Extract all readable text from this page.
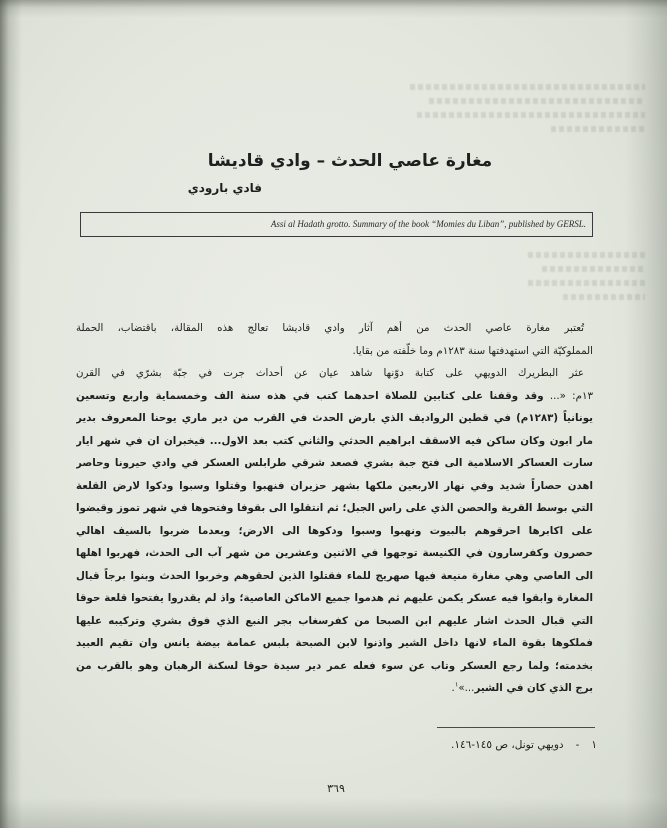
مغارة عاصي الحدث – وادي قاديشا
فادي بارودي
Assi al Hadath grotto. Summary of the book “Momies du Liban”, published by GERSL.
تُعتبر مغارة عاصي الحدث من أهم آثار وادي قاديشا تعالج هذه المقالة، باقتضاب، الحملة
المملوكيّة التي استهدفتها سنة ١٢٨٣م وما خلّفته من بقايا.
عثر البطريرك الدويهي على كتابة دوّنها شاهد عيان عن أحداث جرت في جبّة بشرّي في القرن
١٣م: «... وقد وقفنا على كتابين للصلاة احدهما كتب في هذه سنة الف وخمسماية واربع وتسعين
يونانياً (١٢٨٣م) في قطين الرواديف الذي بارض الحدث في القرب من دير ماري يوحنا المعروف بدير
مار ابون وكان ساكن فيه الاسقف ابراهيم الحدثي والثاني كتب بعد الاول... فيخبران ان في شهر ايار
سارت العساكر الاسلامية الى فتح جبة بشري فصعد شرقي طرابلس العسكر في وادي حيرونا وحاصر
اهدن حصاراً شديد وفي نهار الاربعين ملكها بشهر حزيران فنهبوا وقتلوا وسبوا ودكوا لارض القلعة
التي بوسط القرية والحصن الذي على راس الجبل؛ ثم انتقلوا الى بقوفا وفتحوها في شهر تموز وقبضوا
على اكابرها احرقوهم بالبيوت ونهبوا وسبوا ودكوها الى الارض؛ وبعدما ضربوا بالسيف اهالي
حصرون وكفرسارون في الكنيسة توجهوا في الاثنين وعشرين من شهر آب الى الحدث، فهربوا اهلها
الى العاصي وهي مغارة منيعة فيها صهريج للماء فقتلوا الذين لحقوهم وخربوا الحدث وبنوا برجاً قبال
المغارة وابقوا فيه عسكر يكمن عليهم ثم هدموا جميع الاماكن العاصية؛ واذ لم يقدروا يفتحوا قلعة حوقا
التي قبال الحدث اشار عليهم ابن الصبحا من كفرسغاب بجر النبع الذي فوق بشري وتركيبه عليها
فملكوها بقوة الماء لانها داخل الشير واذنوا لابن الصبحة بلبس عمامة بيضة يانس وان تقيم العبيد
بخدمته؛ ولما رجع العسكر وتاب عن سوء فعله عمر دير سيدة حوقا لسكنة الرهبان وهو بالقرب من
برج الذي كان في الشير...»$^١$.
١-دويهي تونل، ص ١٤٥-١٤٦.
٣٦٩
